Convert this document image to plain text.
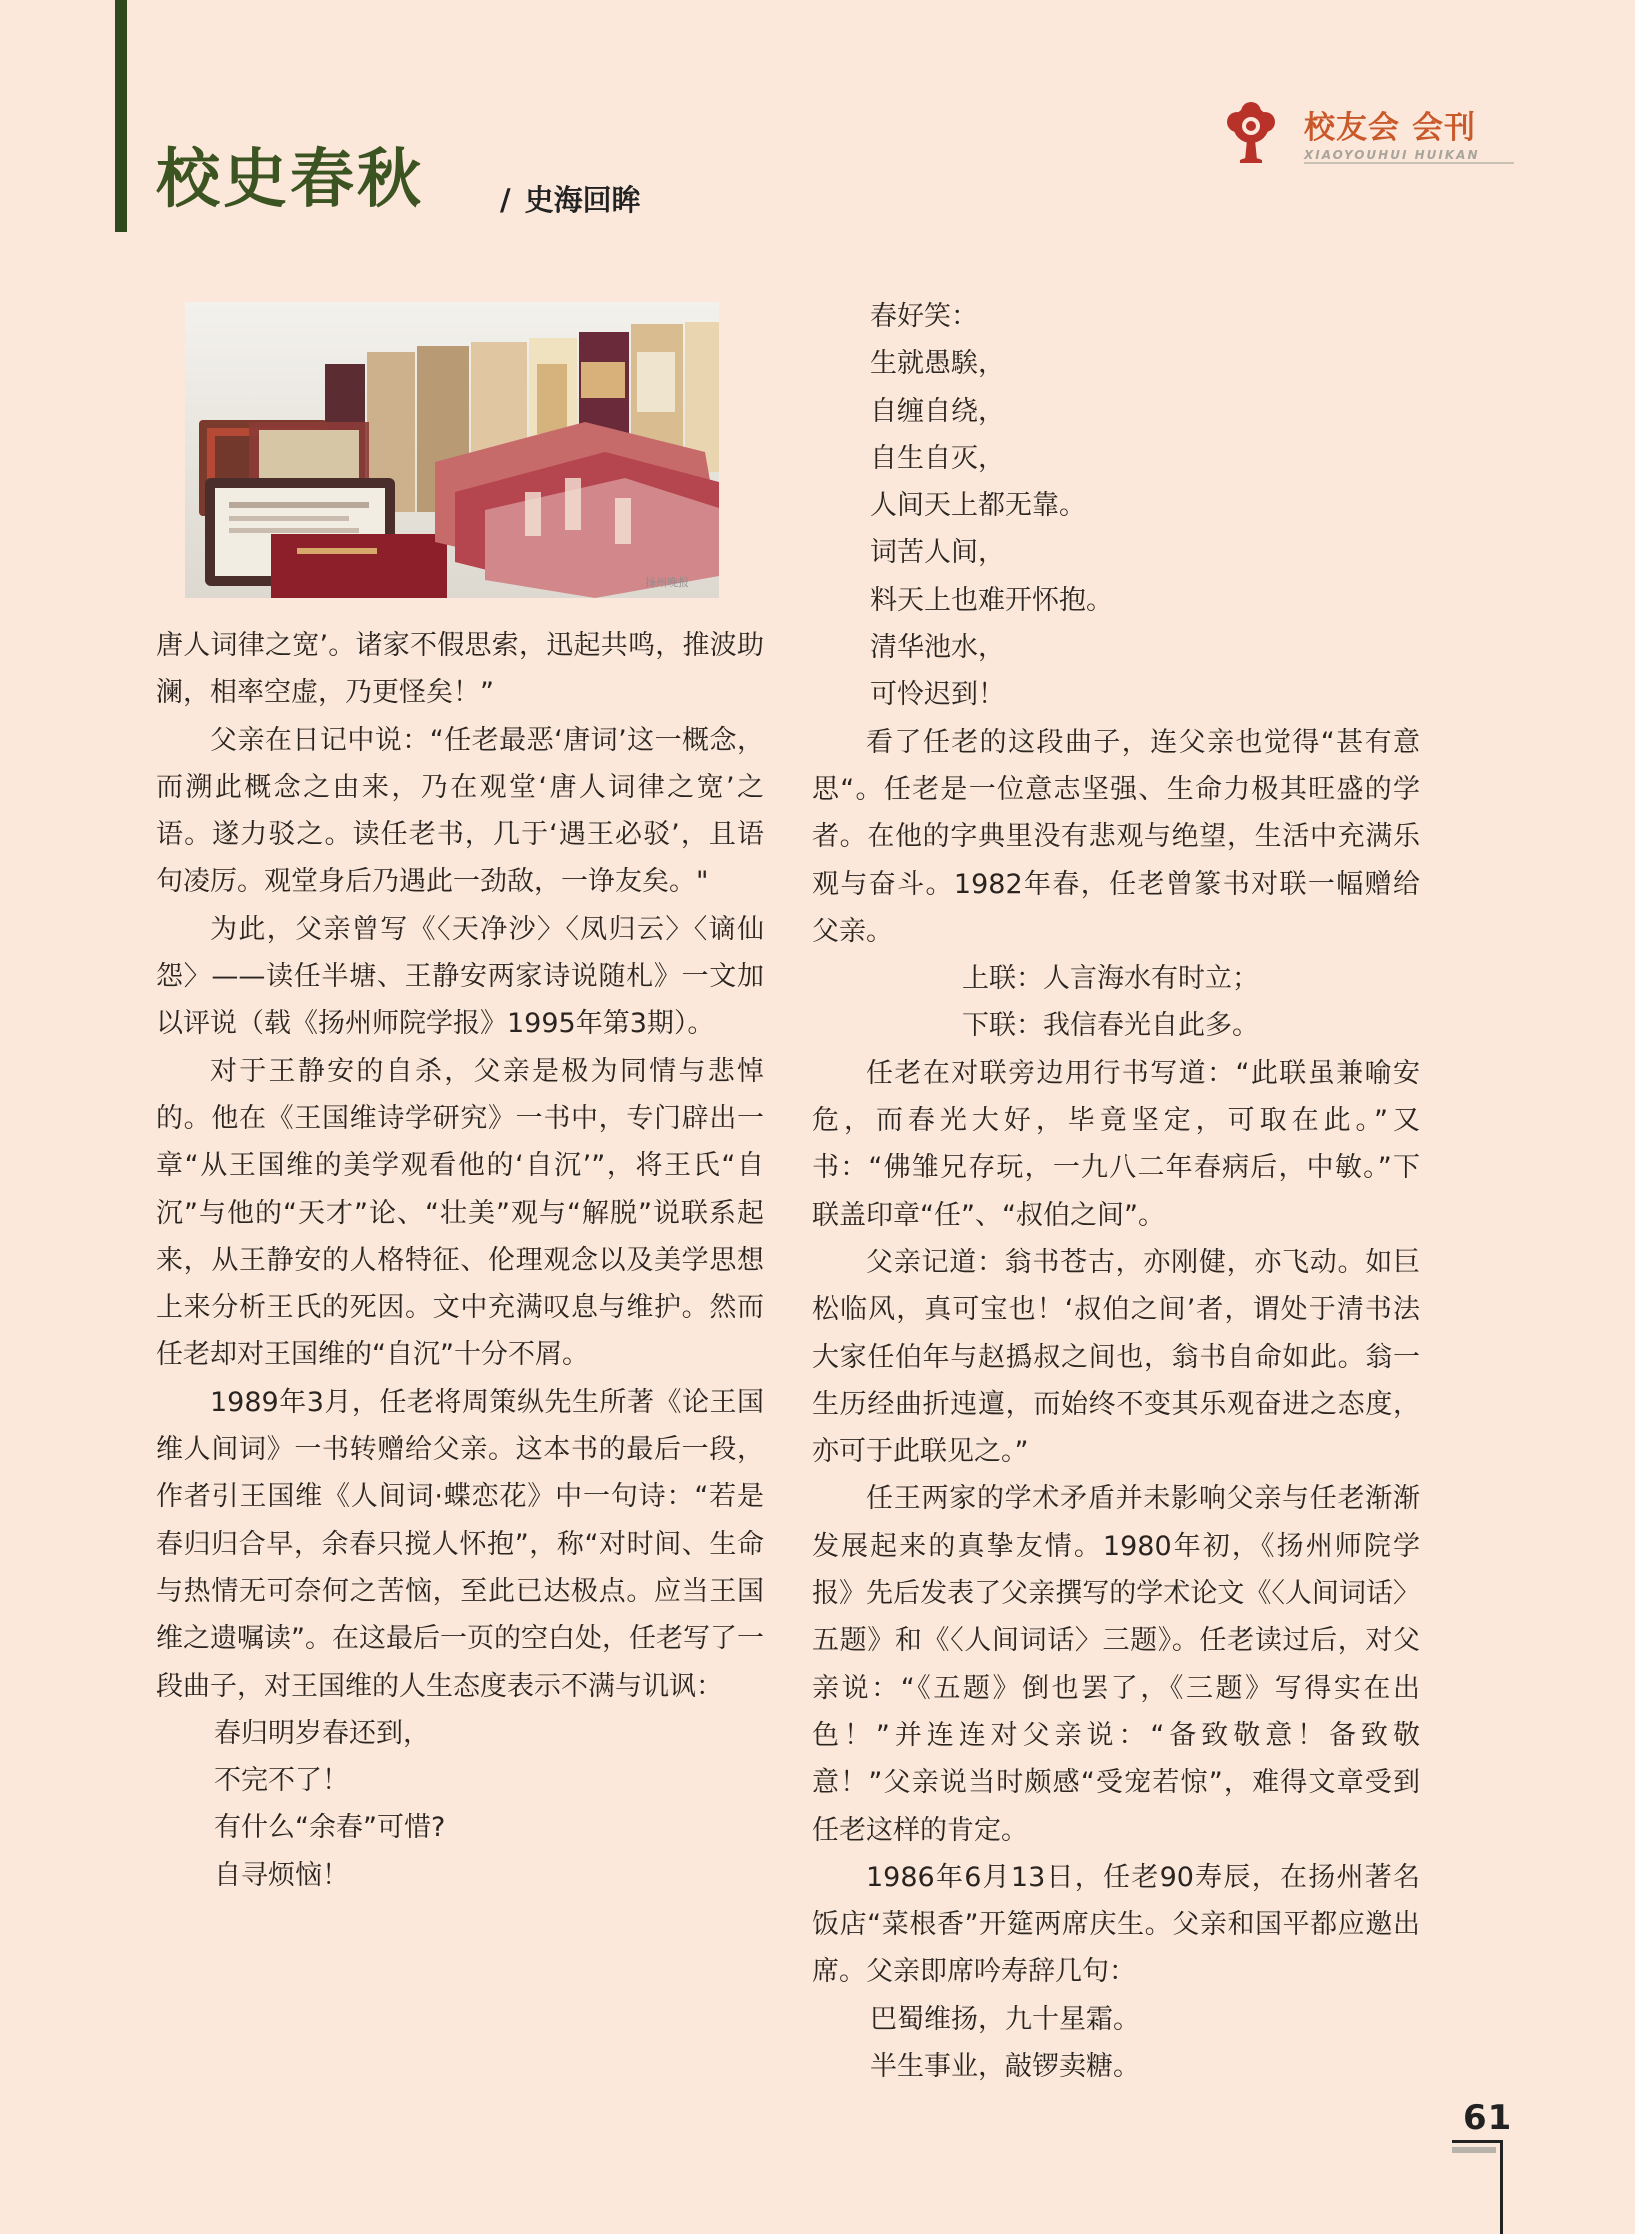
校史春秋	/ 史海回眸
校友会 会刊
XIAOYOUHUI HUIKAN
扬州晚报

唐人词律之宽’。诸家不假思索，迅起共鸣，推波助澜，相率空虚，乃更怪矣！”

父亲在日记中说：“任老最恶‘唐词’这一概念，而溯此概念之由来，乃在观堂‘唐人词律之宽’之语。遂力驳之。读任老书，几于‘遇王必驳’，且语句凌厉。观堂身后乃遇此一劲敌，一诤友矣。"

为此，父亲曾写《〈天净沙〉〈凤归云〉〈谪仙怨〉——读任半塘、王静安两家诗说随札》一文加以评说（载《扬州师院学报》1995年第3期）。

对于王静安的自杀，父亲是极为同情与悲悼的。他在《王国维诗学研究》一书中，专门辟出一章“从王国维的美学观看他的‘自沉’”，将王氏“自沉”与他的“天才”论、“壮美”观与“解脱”说联系起来，从王静安的人格特征、伦理观念以及美学思想上来分析王氏的死因。文中充满叹息与维护。然而任老却对王国维的“自沉”十分不屑。

1989年3月，任老将周策纵先生所著《论王国维人间词》一书转赠给父亲。这本书的最后一段，作者引王国维《人间词·蝶恋花》中一句诗：“若是春归归合早，余春只搅人怀抱”，称“对时间、生命与热情无可奈何之苦恼，至此已达极点。应当王国维之遗嘱读”。在这最后一页的空白处，任老写了一段曲子，对王国维的人生态度表示不满与讥讽：

春归明岁春还到，

不完不了！

有什么“余春”可惜?

自寻烦恼！

春好笑：

生就愚騃，

自缠自绕，

自生自灭，

人间天上都无靠。

词苦人间，

料天上也难开怀抱。

清华池水，

可怜迟到！

看了任老的这段曲子，连父亲也觉得“甚有意思“。任老是一位意志坚强、生命力极其旺盛的学者。在他的字典里没有悲观与绝望，生活中充满乐观与奋斗。1982年春，任老曾篆书对联一幅赠给父亲。

上联：人言海水有时立；

下联：我信春光自此多。

任老在对联旁边用行书写道：“此联虽兼喻安危，而春光大好，毕竟坚定，可取在此。”又书：“佛雏兄存玩，一九八二年春病后，中敏。”下联盖印章“任”、“叔伯之间”。

父亲记道：翁书苍古，亦刚健，亦飞动。如巨松临风，真可宝也！‘叔伯之间’者，谓处于清书法大家任伯年与赵撝叔之间也，翁书自命如此。翁一生历经曲折迍邅，而始终不变其乐观奋进之态度，亦可于此联见之。”

任王两家的学术矛盾并未影响父亲与任老渐渐发展起来的真挚友情。1980年初，《扬州师院学报》先后发表了父亲撰写的学术论文《〈人间词话〉五题》和《〈人间词话〉三题》。任老读过后，对父亲说：“《五题》倒也罢了，《三题》写得实在出色！”并连连对父亲说：“备致敬意！备致敬意！”父亲说当时颇感“受宠若惊”，难得文章受到任老这样的肯定。

1986年6月13日，任老90寿辰，在扬州著名饭店“菜根香”开筵两席庆生。父亲和国平都应邀出席。父亲即席吟寿辞几句：

巴蜀维扬，九十星霜。

半生事业，敲锣卖糖。

61
